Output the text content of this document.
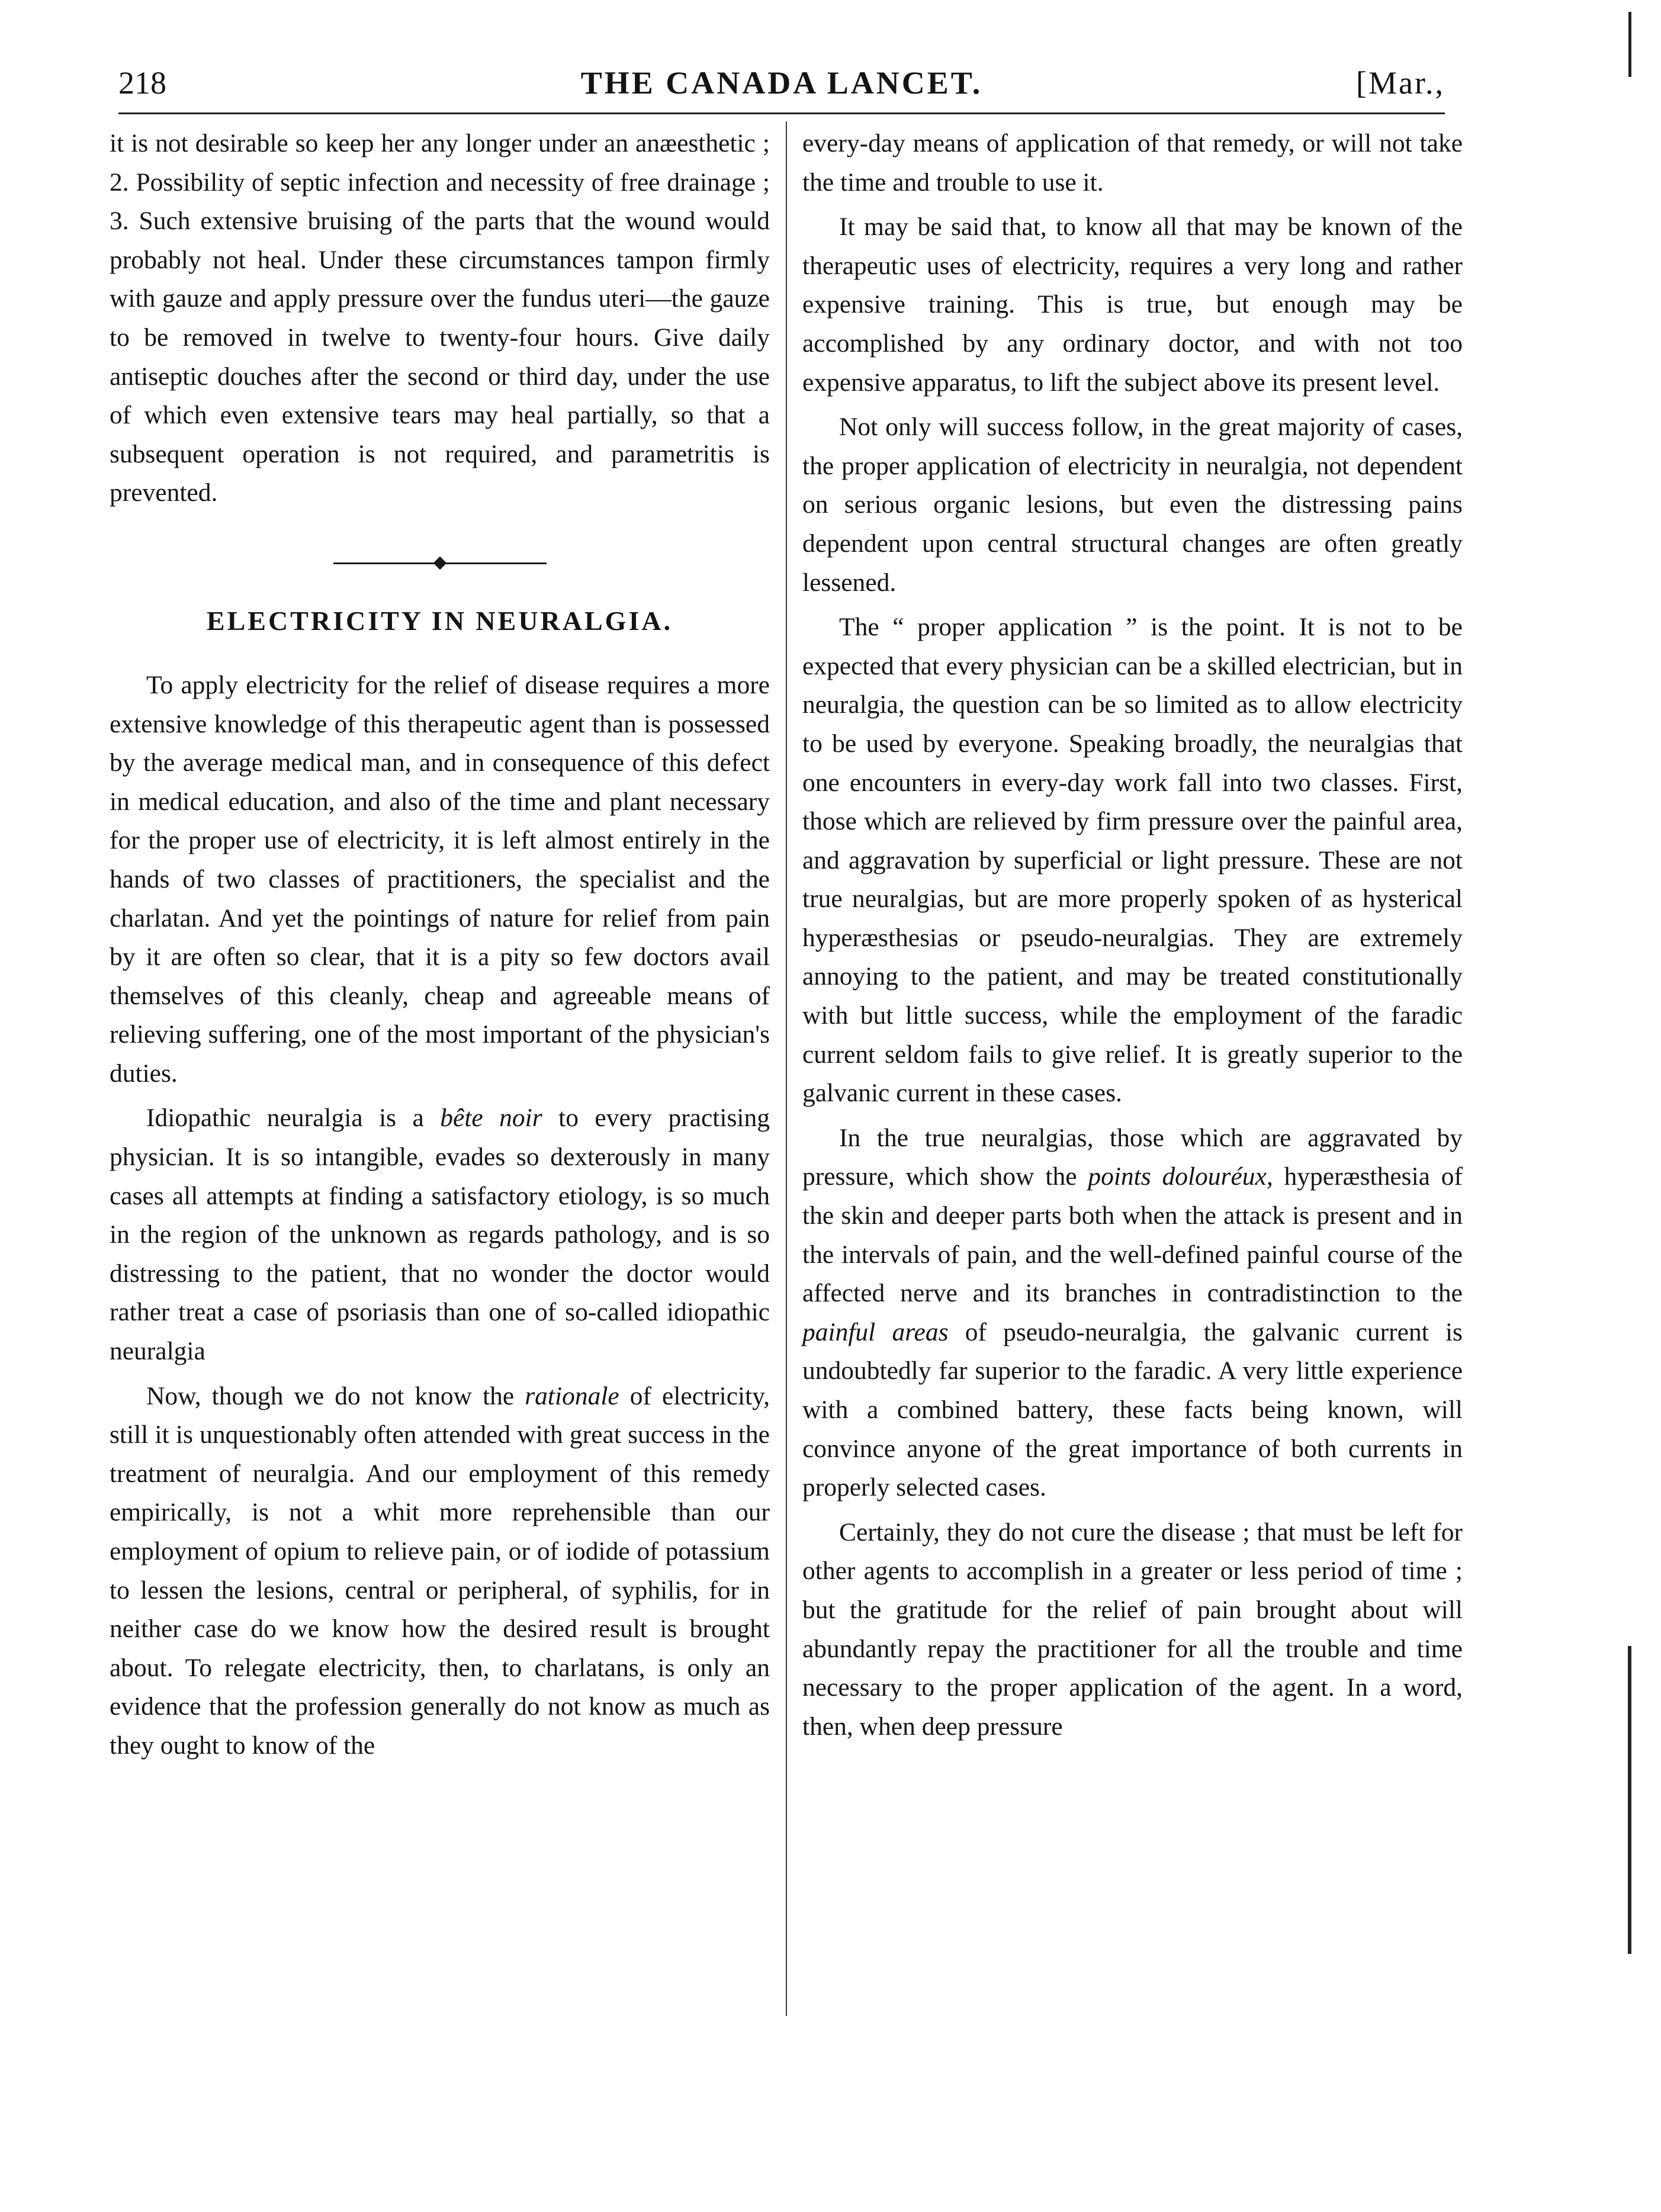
218	THE CANADA LANCET.	[Mar.,

it is not desirable so keep her any longer under an anæesthetic ; 2. Possibility of septic infection and necessity of free drainage ; 3. Such extensive bruising of the parts that the wound would probably not heal. Under these circumstances tampon firmly with gauze and apply pressure over the fundus uteri—the gauze to be removed in twelve to twenty-four hours. Give daily antiseptic douches after the second or third day, under the use of which even extensive tears may heal partially, so that a subsequent operation is not required, and parametritis is prevented.

ELECTRICITY IN NEURALGIA.

To apply electricity for the relief of disease requires a more extensive knowledge of this therapeutic agent than is possessed by the average medical man, and in consequence of this defect in medical education, and also of the time and plant necessary for the proper use of electricity, it is left almost entirely in the hands of two classes of practitioners, the specialist and the charlatan. And yet the pointings of nature for relief from pain by it are often so clear, that it is a pity so few doctors avail themselves of this cleanly, cheap and agreeable means of relieving suffering, one of the most important of the physician's duties.

Idiopathic neuralgia is a bête noir to every practising physician. It is so intangible, evades so dexterously in many cases all attempts at finding a satisfactory etiology, is so much in the region of the unknown as regards pathology, and is so distressing to the patient, that no wonder the doctor would rather treat a case of psoriasis than one of so-called idiopathic neuralgia

Now, though we do not know the rationale of electricity, still it is unquestionably often attended with great success in the treatment of neuralgia. And our employment of this remedy empirically, is not a whit more reprehensible than our employment of opium to relieve pain, or of iodide of potassium to lessen the lesions, central or peripheral, of syphilis, for in neither case do we know how the desired result is brought about. To relegate electricity, then, to charlatans, is only an evidence that the profession generally do not know as much as they ought to know of the

every-day means of application of that remedy, or will not take the time and trouble to use it.

It may be said that, to know all that may be known of the therapeutic uses of electricity, requires a very long and rather expensive training. This is true, but enough may be accomplished by any ordinary doctor, and with not too expensive apparatus, to lift the subject above its present level.

Not only will success follow, in the great majority of cases, the proper application of electricity in neuralgia, not dependent on serious organic lesions, but even the distressing pains dependent upon central structural changes are often greatly lessened.

The “ proper application ” is the point. It is not to be expected that every physician can be a skilled electrician, but in neuralgia, the question can be so limited as to allow electricity to be used by everyone. Speaking broadly, the neuralgias that one encounters in every-day work fall into two classes. First, those which are relieved by firm pressure over the painful area, and aggravation by superficial or light pressure. These are not true neuralgias, but are more properly spoken of as hysterical hyperæsthesias or pseudo-neuralgias. They are extremely annoying to the patient, and may be treated constitutionally with but little success, while the employment of the faradic current seldom fails to give relief. It is greatly superior to the galvanic current in these cases.

In the true neuralgias, those which are aggravated by pressure, which show the points dolouréux, hyperæsthesia of the skin and deeper parts both when the attack is present and in the intervals of pain, and the well-defined painful course of the affected nerve and its branches in contradistinction to the painful areas of pseudo-neuralgia, the galvanic current is undoubtedly far superior to the faradic. A very little experience with a combined battery, these facts being known, will convince anyone of the great importance of both currents in properly selected cases.

Certainly, they do not cure the disease ; that must be left for other agents to accomplish in a greater or less period of time ; but the gratitude for the relief of pain brought about will abundantly repay the practitioner for all the trouble and time necessary to the proper application of the agent. In a word, then, when deep pressure
